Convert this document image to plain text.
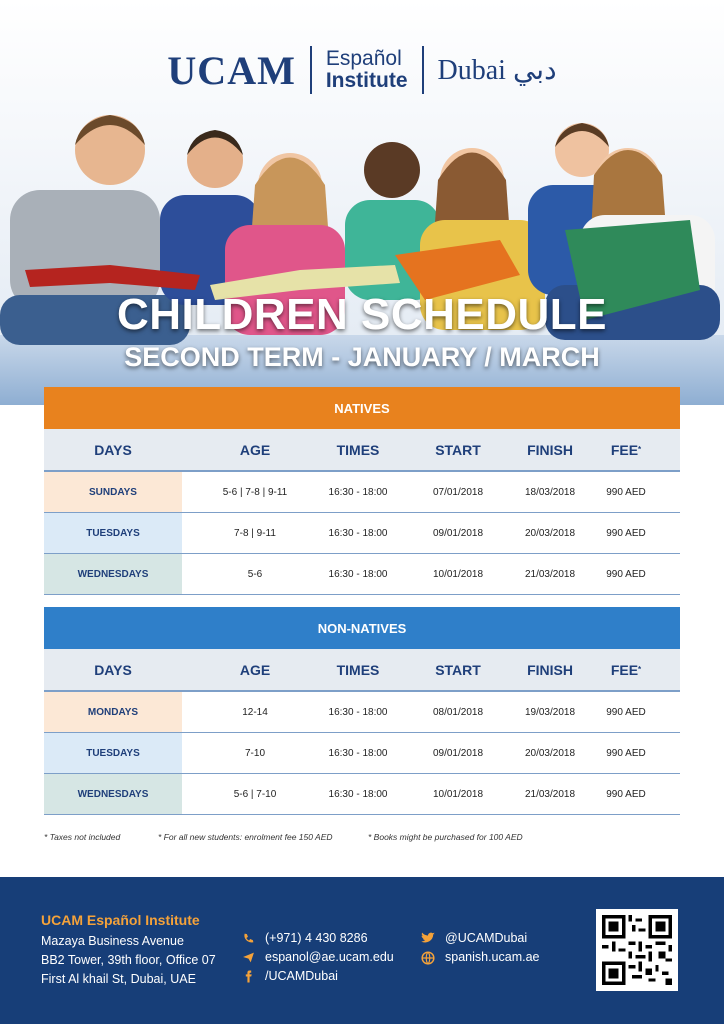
UCAM Español
Institute Dubai دبي
CHILDREN SCHEDULE
SECOND TERM - JANUARY / MARCH
NATIVES
DAYS	AGE	TIMES	START	FINISH	FEE *
SUNDAYS	5-6 | 7-8 | 9-11	16:30 - 18:00	07/01/2018	18/03/2018	990 AED
TUESDAYS	7-8 | 9-11	16:30 - 18:00	09/01/2018	20/03/2018	990 AED
WEDNESDAYS	5-6	16:30 - 18:00	10/01/2018	21/03/2018	990 AED
NON-NATIVES
DAYS	AGE	TIMES	START	FINISH	FEE *
MONDAYS	12-14	16:30 - 18:00	08/01/2018	19/03/2018	990 AED
TUESDAYS	7-10	16:30 - 18:00	09/01/2018	20/03/2018	990 AED
WEDNESDAYS	5-6 | 7-10	16:30 - 18:00	10/01/2018	21/03/2018	990 AED
* Taxes not included	* For all new students: enrolment fee 150 AED	* Books might be purchased for 100 AED
UCAM Español Institute
Mazaya Business Avenue
BB2 Tower, 39th floor, Office 07
First Al khail St, Dubai, UAE
(+971) 4 430 8286
espanol@ae.ucam.edu
/UCAMDubai
@UCAMDubai
spanish.ucam.ae
